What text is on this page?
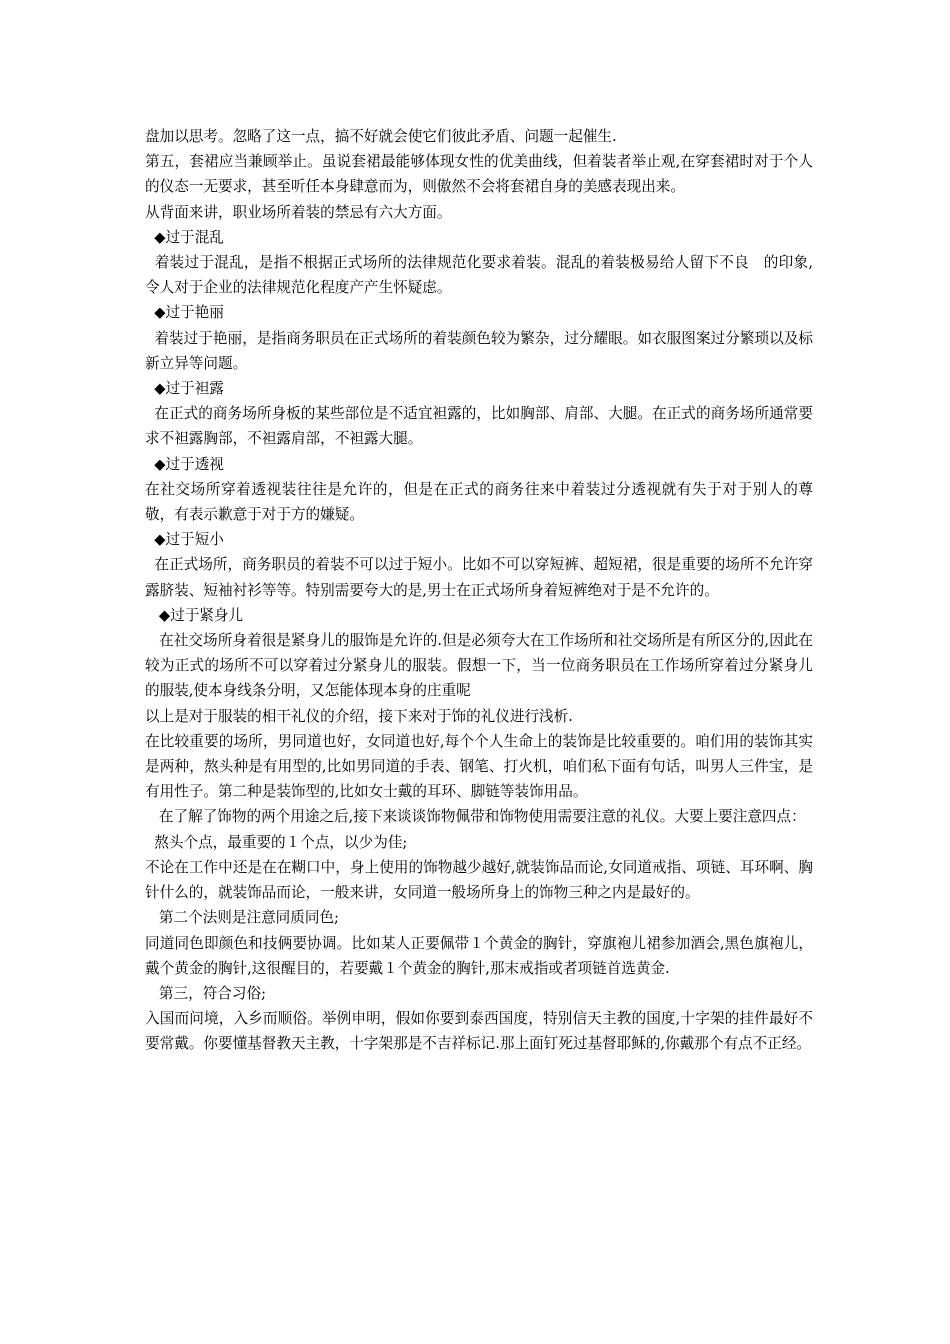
盘加以思考。忽略了这一点，搞不好就会使它们彼此矛盾、问题一起催生.

第五，套裙应当兼顾举止。虽说套裙最能够体现女性的优美曲线，但着装者举止观,在穿套裙时对于个人的仪态一无要求，甚至听任本身肆意而为，则傲然不会将套裙自身的美感表现出来。

从背面来讲，职业场所着装的禁忌有六大方面。

◆过于混乱

着装过于混乱，是指不根据正式场所的法律规范化要求着装。混乱的着装极易给人留下不良　的印象,令人对于企业的法律规范化程度产产生怀疑虑。

◆过于艳丽

着装过于艳丽，是指商务职员在正式场所的着装颜色较为繁杂，过分耀眼。如衣服图案过分繁琐以及标新立异等问题。

◆过于袒露

在正式的商务场所身板的某些部位是不适宜袒露的，比如胸部、肩部、大腿。在正式的商务场所通常要求不袒露胸部，不袒露肩部，不袒露大腿。

◆过于透视

在社交场所穿着透视装往往是允许的，但是在正式的商务往来中着装过分透视就有失于对于别人的尊敬，有表示歉意于对于方的嫌疑。

◆过于短小

在正式场所，商务职员的着装不可以过于短小。比如不可以穿短裤、超短裙，很是重要的场所不允许穿露脐装、短袖衬衫等等。特别需要夸大的是,男士在正式场所身着短裤绝对于是不允许的。

◆过于紧身儿

在社交场所身着很是紧身儿的服饰是允许的.但是必须夸大在工作场所和社交场所是有所区分的,因此在较为正式的场所不可以穿着过分紧身儿的服装。假想一下，当一位商务职员在工作场所穿着过分紧身儿的服装,使本身线条分明，又怎能体现本身的庄重呢

以上是对于服装的相干礼仪的介绍，接下来对于饰的礼仪进行浅析.

在比较重要的场所，男同道也好，女同道也好,每个个人生命上的装饰是比较重要的。咱们用的装饰其实是两种，熬头种是有用型的,比如男同道的手表、钢笔、打火机，咱们私下面有句话，叫男人三件宝，是有用性子。第二种是装饰型的,比如女士戴的耳环、脚链等装饰用品。

在了解了饰物的两个用途之后,接下来谈谈饰物佩带和饰物使用需要注意的礼仪。大要上要注意四点：

熬头个点，最重要的１个点，以少为佳;

不论在工作中还是在在糊口中，身上使用的饰物越少越好,就装饰品而论,女同道戒指、项链、耳环啊、胸针什么的，就装饰品而论，一般来讲，女同道一般场所身上的饰物三种之内是最好的。

第二个法则是注意同质同色;

同道同色即颜色和技俩要协调。比如某人正要佩带１个黄金的胸针，穿旗袍儿裙参加酒会,黑色旗袍儿，戴个黄金的胸针,这很醒目的，若要戴１个黄金的胸针,那末戒指或者项链首选黄金.

第三，符合习俗;

入国而问境，入乡而顺俗。举例申明，假如你要到泰西国度，特别信天主教的国度,十字架的挂件最好不要常戴。你要懂基督教天主教，十字架那是不吉祥标记.那上面钉死过基督耶稣的,你戴那个有点不正经。
